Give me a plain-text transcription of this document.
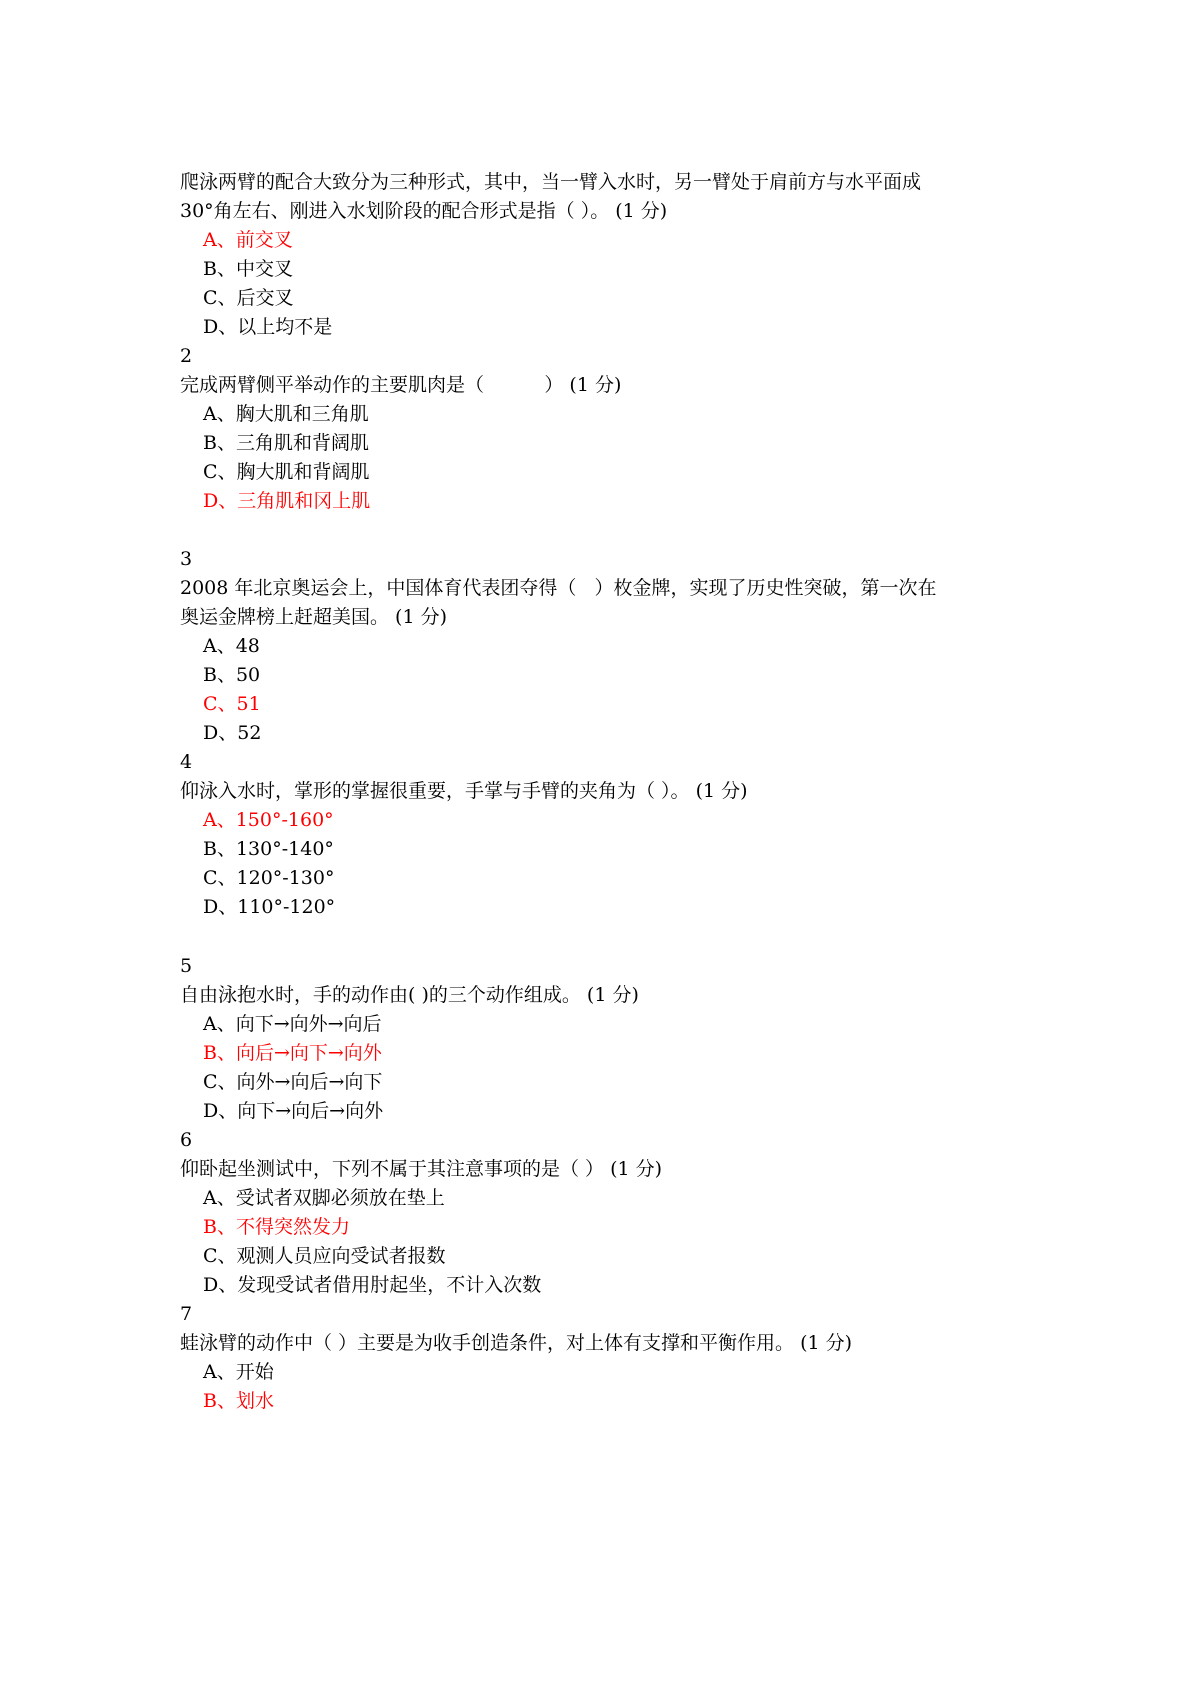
爬泳两臂的配合大致分为三种形式，其中，当一臂入水时，另一臂处于肩前方与水平面成
30°角左右、刚进入水划阶段的配合形式是指（ ）。 (1 分)
A、前交叉
B、中交叉
C、后交叉
D、以上均不是
2
完成两臂侧平举动作的主要肌肉是（          ） (1 分)
A、胸大肌和三角肌
B、三角肌和背阔肌
C、胸大肌和背阔肌
D、三角肌和冈上肌
3
2008 年北京奥运会上，中国体育代表团夺得（   ）枚金牌，实现了历史性突破，第一次在
奥运金牌榜上赶超美国。 (1 分)
A、48
B、50
C、51
D、52
4
仰泳入水时，掌形的掌握很重要，手掌与手臂的夹角为（ ）。 (1 分)
A、150°-160°
B、130°-140°
C、120°-130°
D、110°-120°
5
自由泳抱水时，手的动作由( )的三个动作组成。 (1 分)
A、向下→向外→向后
B、向后→向下→向外
C、向外→向后→向下
D、向下→向后→向外
6
仰卧起坐测试中，下列不属于其注意事项的是（ ） (1 分)
A、受试者双脚必须放在垫上
B、不得突然发力
C、观测人员应向受试者报数
D、发现受试者借用肘起坐，不计入次数
7
蛙泳臂的动作中（ ）主要是为收手创造条件，对上体有支撑和平衡作用。 (1 分)
A、开始
B、划水
